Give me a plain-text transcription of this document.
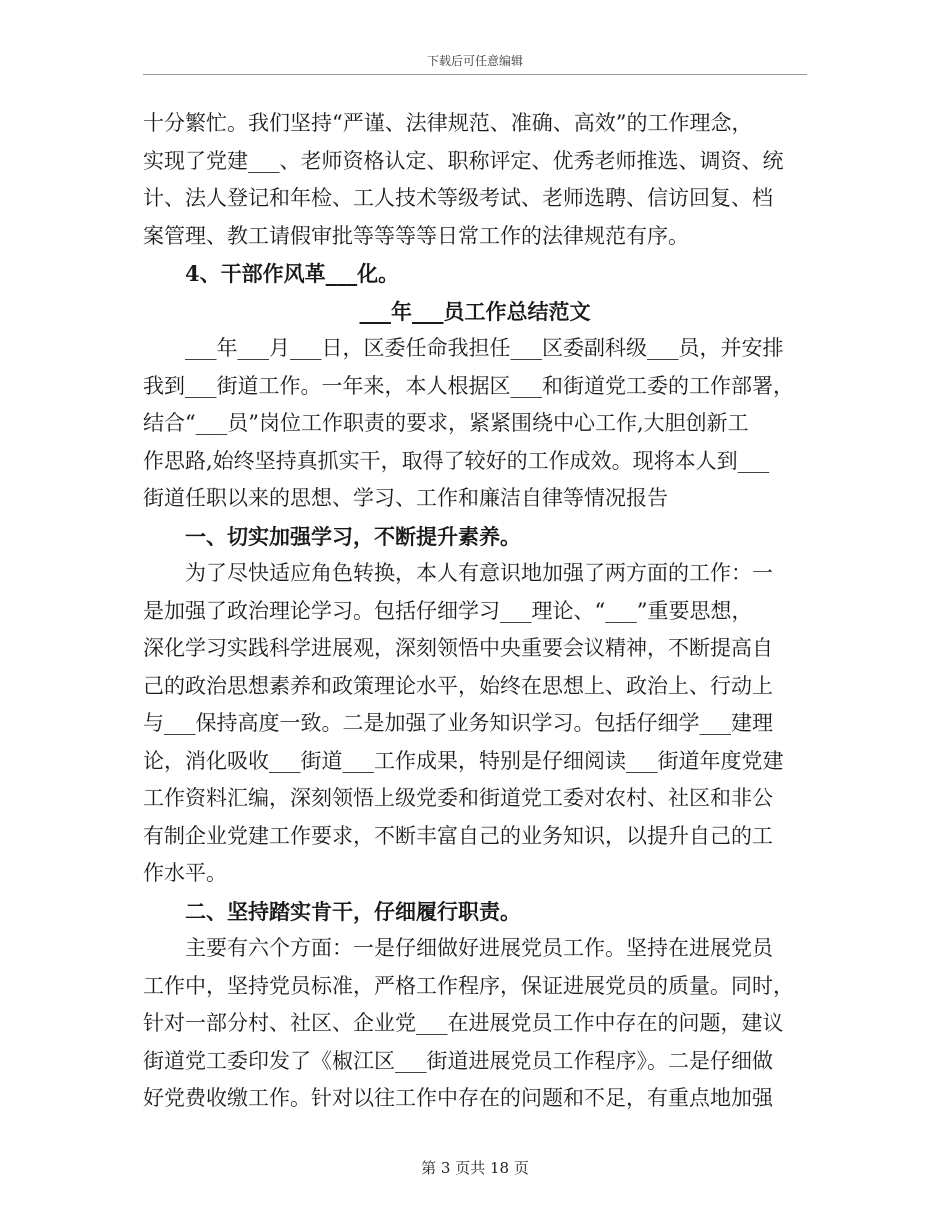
下载后可任意编辑
十分繁忙。我们坚持“严谨、法律规范、准确、高效”的工作理念，
实现了党建___、老师资格认定、职称评定、优秀老师推选、调资、统
计、法人登记和年检、工人技术等级考试、老师选聘、信访回复、档
案管理、教工请假审批等等等等日常工作的法律规范有序。
4、干部作风革___化。
___年___员工作总结范文
___年___月___日，区委任命我担任___区委副科级___员，并安排
我到___街道工作。一年来，本人根据区___和街道党工委的工作部署，
结合“___员”岗位工作职责的要求，紧紧围绕中心工作,大胆创新工
作思路,始终坚持真抓实干，取得了较好的工作成效。现将本人到___
街道任职以来的思想、学习、工作和廉洁自律等情况报告
一、切实加强学习，不断提升素养。
为了尽快适应角色转换，本人有意识地加强了两方面的工作：一
是加强了政治理论学习。包括仔细学习___理论、“___”重要思想，
深化学习实践科学进展观，深刻领悟中央重要会议精神，不断提高自
己的政治思想素养和政策理论水平，始终在思想上、政治上、行动上
与___保持高度一致。二是加强了业务知识学习。包括仔细学___建理
论，消化吸收___街道___工作成果，特别是仔细阅读___街道年度党建
工作资料汇编，深刻领悟上级党委和街道党工委对农村、社区和非公
有制企业党建工作要求，不断丰富自己的业务知识，以提升自己的工
作水平。
二、坚持踏实肯干，仔细履行职责。
主要有六个方面：一是仔细做好进展党员工作。坚持在进展党员
工作中，坚持党员标准，严格工作程序，保证进展党员的质量。同时，
针对一部分村、社区、企业党___在进展党员工作中存在的问题，建议
街道党工委印发了《椒江区___街道进展党员工作程序》。二是仔细做
好党费收缴工作。针对以往工作中存在的问题和不足，有重点地加强
第 3 页共 18 页
